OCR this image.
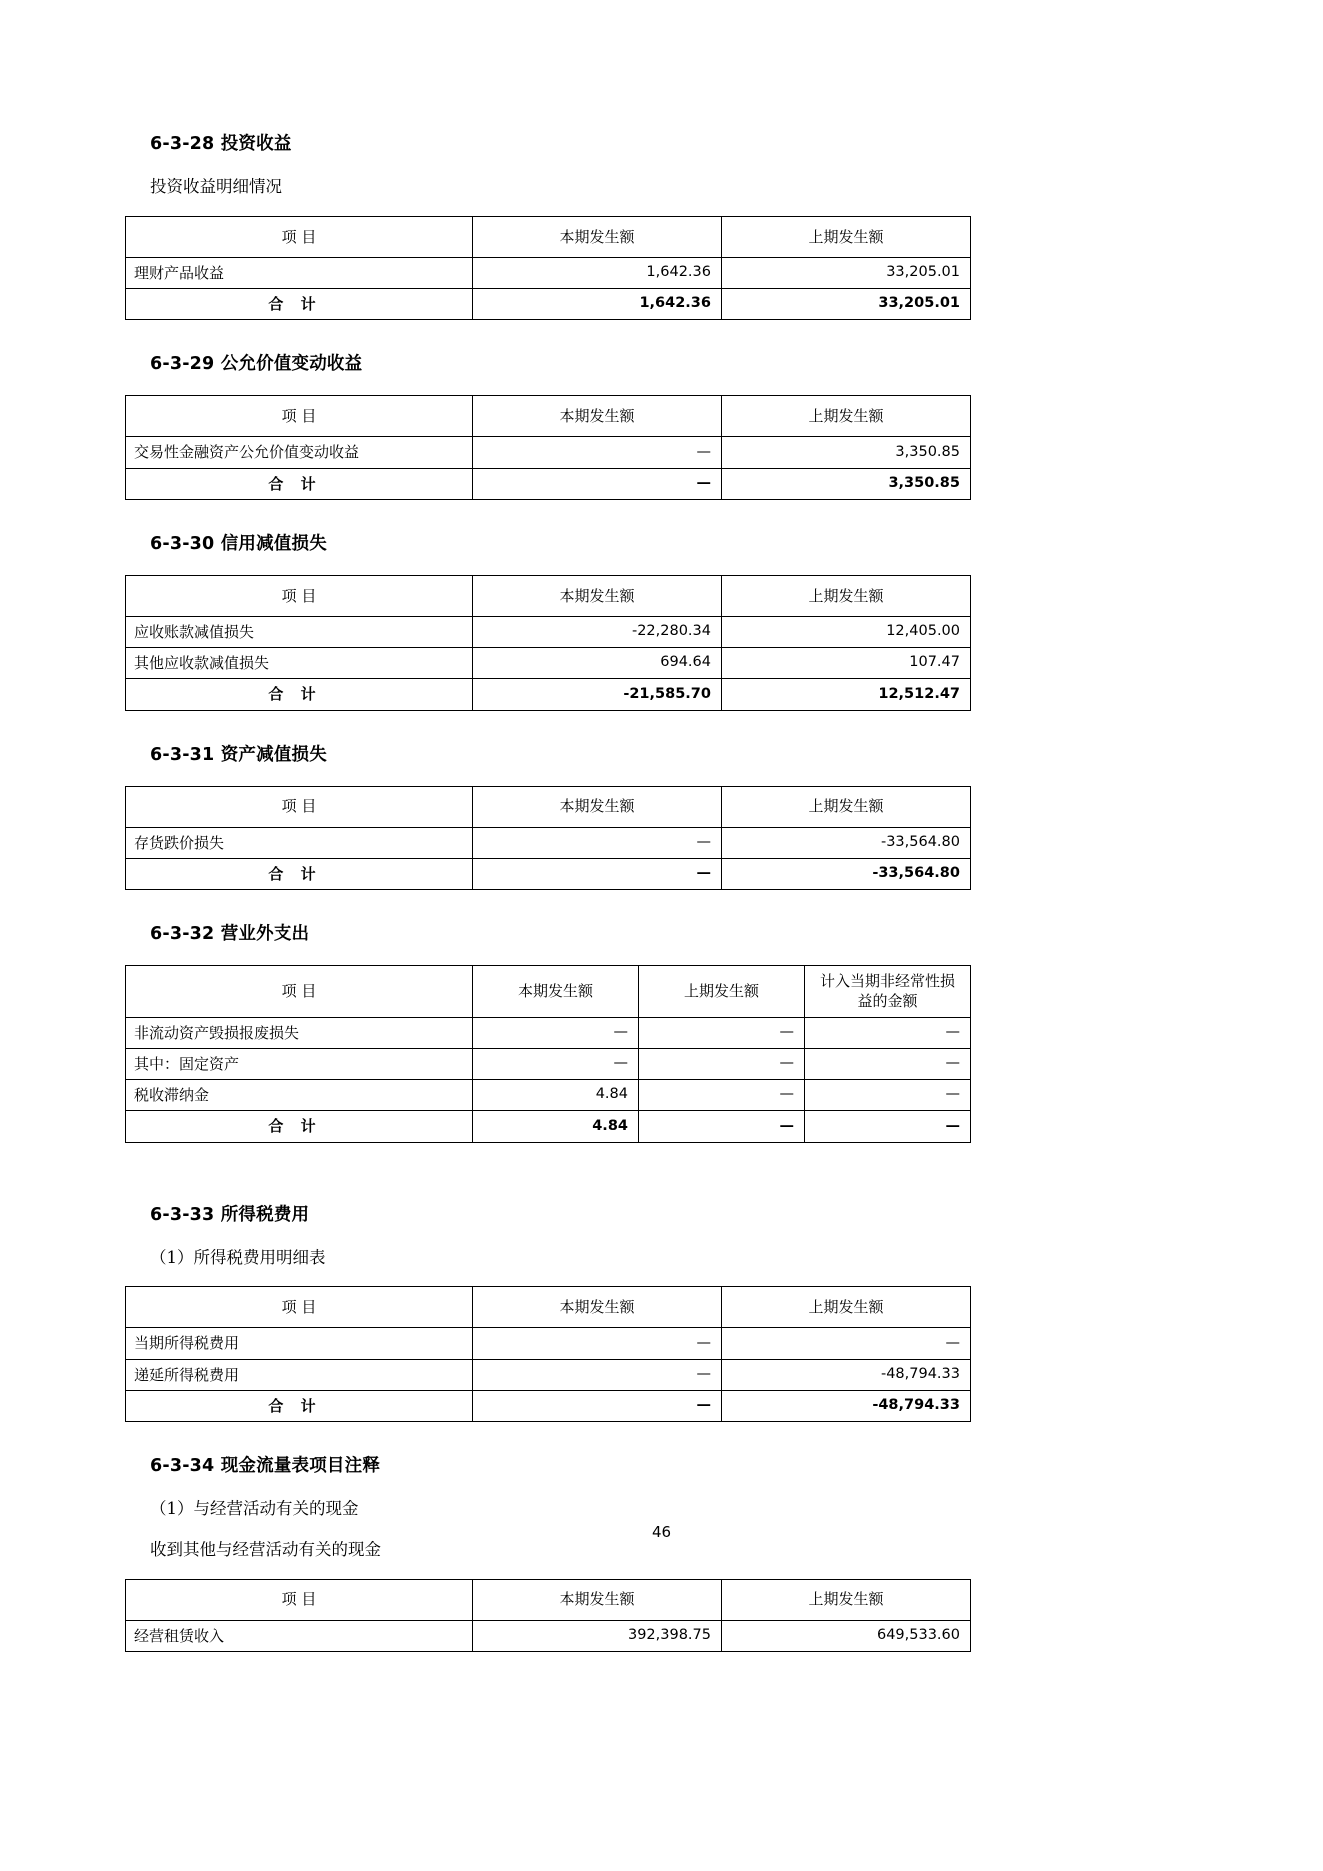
6-3-28 投资收益

投资收益明细情况

项 目	本期发生额	上期发生额
理财产品收益	1,642.36	33,205.01
合 计	1,642.36	33,205.01
6-3-29 公允价值变动收益
项 目	本期发生额	上期发生额
交易性金融资产公允价值变动收益	—	3,350.85
合 计	—	3,350.85
6-3-30 信用减值损失
项 目	本期发生额	上期发生额
应收账款减值损失	-22,280.34	12,405.00
其他应收款减值损失	694.64	107.47
合 计	-21,585.70	12,512.47
6-3-31 资产减值损失
项 目	本期发生额	上期发生额
存货跌价损失	—	-33,564.80
合 计	—	-33,564.80
6-3-32 营业外支出
项 目	本期发生额	上期发生额	计入当期非经常性损益的金额
非流动资产毁损报废损失	—	—	—
其中：固定资产	—	—	—
税收滞纳金	4.84	—	—
合 计	4.84	—	—
6-3-33 所得税费用

（1）所得税费用明细表

项 目	本期发生额	上期发生额
当期所得税费用	—	—
递延所得税费用	—	-48,794.33
合 计	—	-48,794.33
6-3-34 现金流量表项目注释

（1）与经营活动有关的现金

收到其他与经营活动有关的现金

项 目	本期发生额	上期发生额
经营租赁收入	392,398.75	649,533.60
46
